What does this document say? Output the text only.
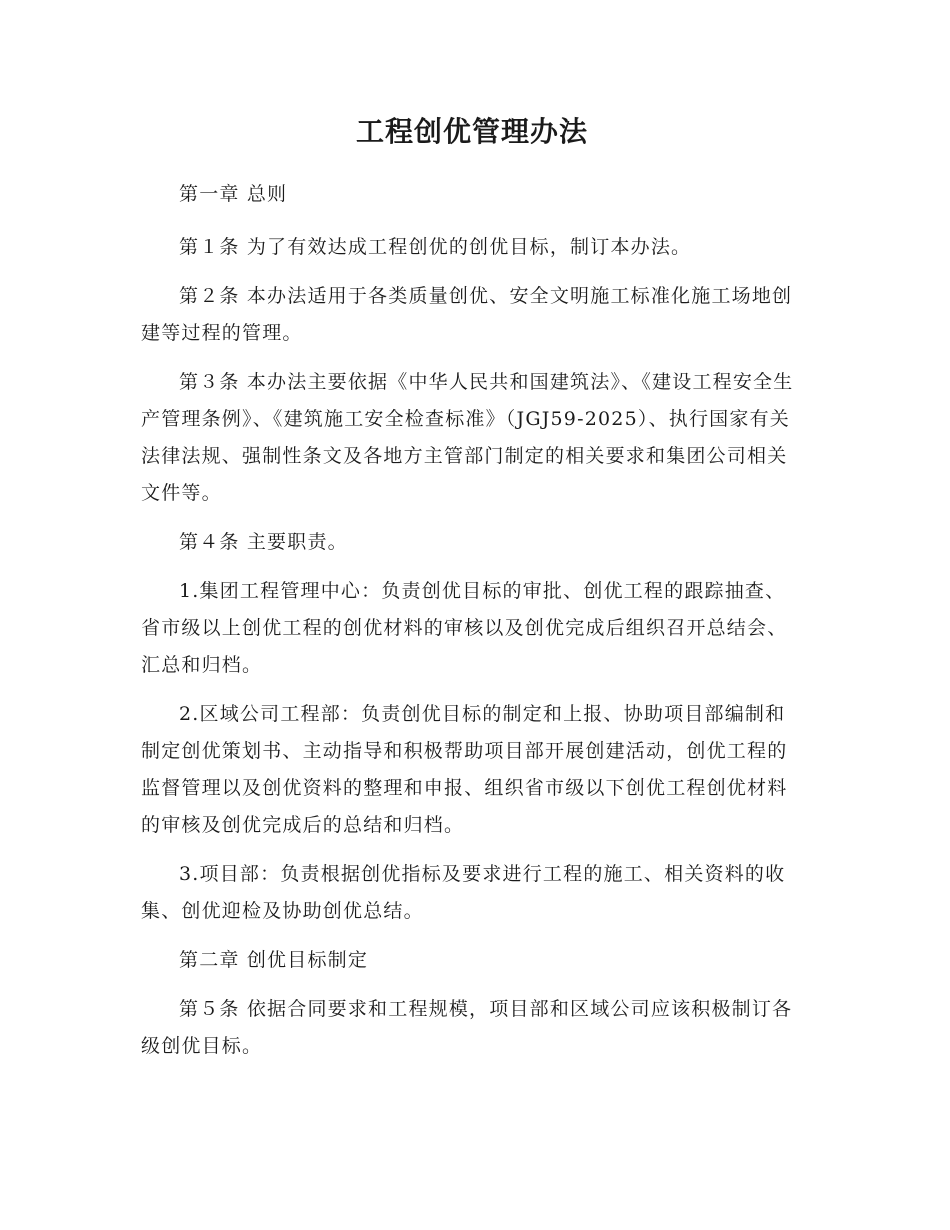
工程创优管理办法

第一章 总则

第１条 为了有效达成工程创优的创优目标，制订本办法。

第２条 本办法适用于各类质量创优、安全文明施工标准化施工场地创建等过程的管理。

第３条 本办法主要依据《中华人民共和国建筑法》、《建设工程安全生产管理条例》、《建筑施工安全检查标准》（JGJ59-2025）、执行国家有关法律法规、强制性条文及各地方主管部门制定的相关要求和集团公司相关文件等。

第４条 主要职责。

1.集团工程管理中心：负责创优目标的审批、创优工程的跟踪抽查、省市级以上创优工程的创优材料的审核以及创优完成后组织召开总结会、汇总和归档。

2.区域公司工程部：负责创优目标的制定和上报、协助项目部编制和制定创优策划书、主动指导和积极帮助项目部开展创建活动，创优工程的监督管理以及创优资料的整理和申报、组织省市级以下创优工程创优材料的审核及创优完成后的总结和归档。

3.项目部：负责根据创优指标及要求进行工程的施工、相关资料的收集、创优迎检及协助创优总结。

第二章 创优目标制定

第５条 依据合同要求和工程规模，项目部和区域公司应该积极制订各级创优目标。
